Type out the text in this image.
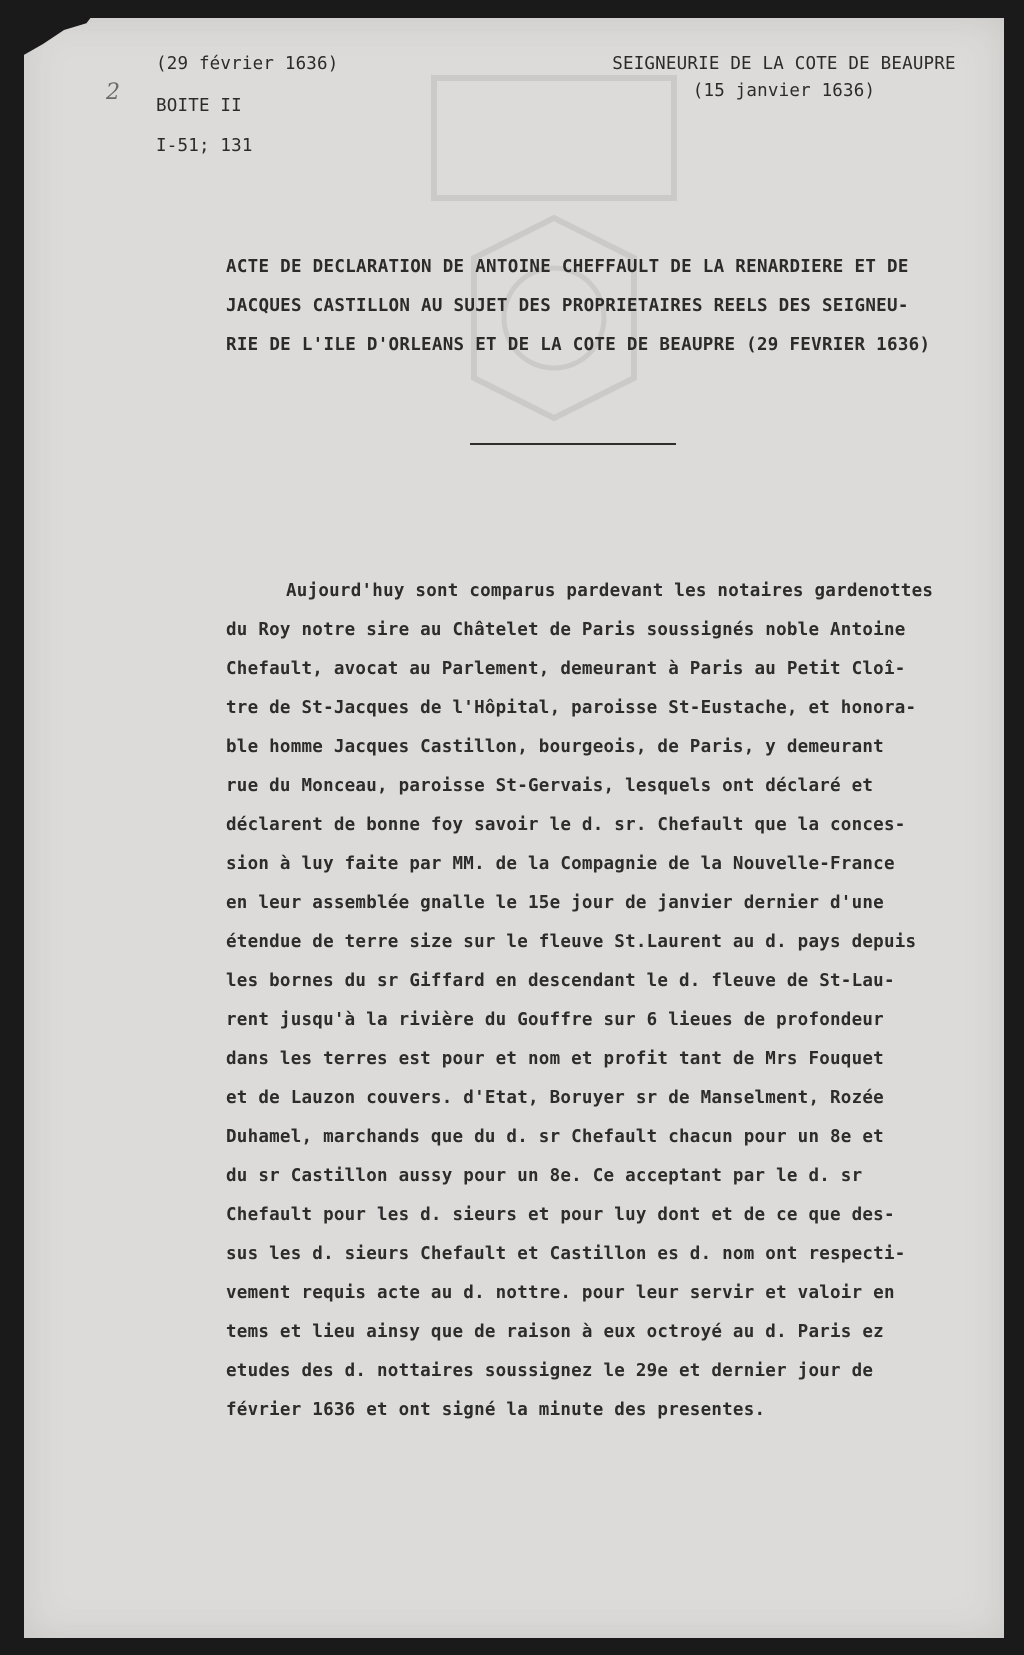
2
(29 février 1636)
BOITE II
I-51; 131
SEIGNEURIE DE LA COTE DE BEAUPRE
(15 janvier 1636)
ACTE DE DECLARATION DE ANTOINE CHEFFAULT DE LA RENARDIERE ET DE
JACQUES CASTILLON AU SUJET DES PROPRIETAIRES REELS DES SEIGNEU-
RIE DE L'ILE D'ORLEANS ET DE LA COTE DE BEAUPRE (29 FEVRIER 1636)
Aujourd'huy sont comparus pardevant les notaires gardenottes
du Roy notre sire au Châtelet de Paris soussignés noble Antoine
Chefault, avocat au Parlement, demeurant à Paris au Petit Cloî-
tre de St-Jacques de l'Hôpital, paroisse St-Eustache, et honora-
ble homme Jacques Castillon, bourgeois, de Paris, y demeurant
rue du Monceau, paroisse St-Gervais, lesquels ont déclaré et
déclarent de bonne foy savoir le d. sr. Chefault que la conces-
sion à luy faite par MM. de la Compagnie de la Nouvelle-France
en leur assemblée gnalle le 15e jour de janvier dernier d'une
étendue de terre size sur le fleuve St.Laurent au d. pays depuis
les bornes du sr Giffard en descendant le d. fleuve de St-Lau-
rent jusqu'à la rivière du Gouffre sur 6 lieues de profondeur
dans les terres est pour et nom et profit tant de Mrs Fouquet
et de Lauzon couvers. d'Etat, Boruyer sr de Manselment, Rozée
Duhamel, marchands que du d. sr Chefault chacun pour un 8e et
du sr Castillon aussy pour un 8e. Ce acceptant par le d. sr
Chefault pour les d. sieurs et pour luy dont et de ce que des-
sus les d. sieurs Chefault et Castillon es d. nom ont respecti-
vement requis acte au d. nottre. pour leur servir et valoir en
tems et lieu ainsy que de raison à eux octroyé au d. Paris ez
etudes des d. nottaires soussignez le 29e et dernier jour de
février 1636 et ont signé la minute des presentes.
